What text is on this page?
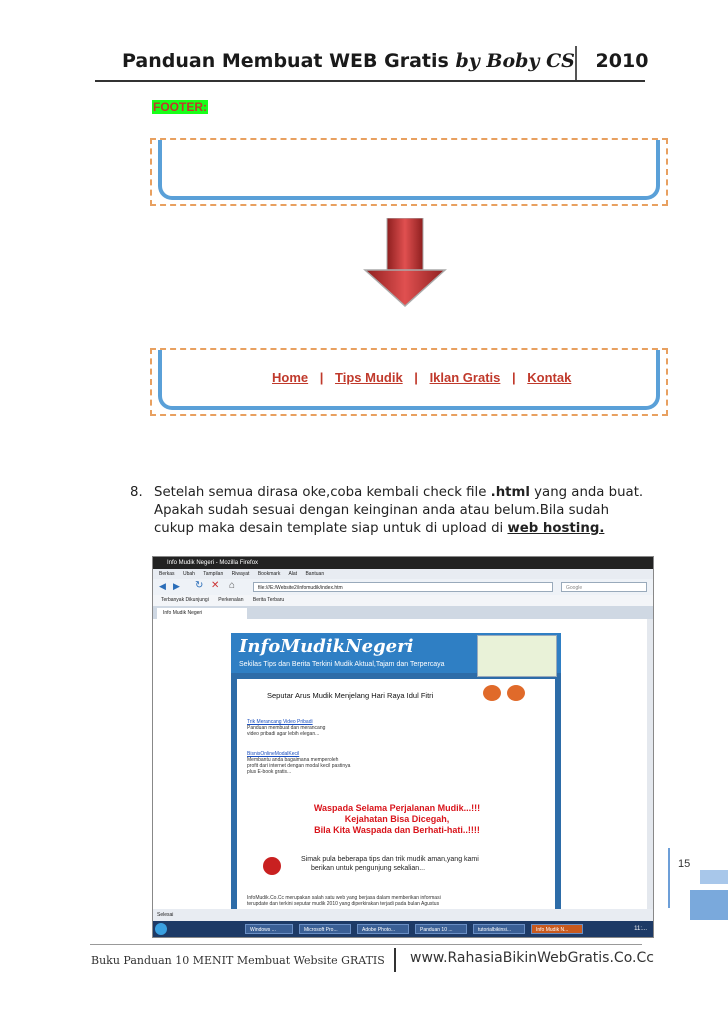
Panduan Membuat WEB Gratis by Boby CS 2010
FOOTER:
Home | Tips Mudik | Iklan Gratis | Kontak
8. Setelah semua dirasa oke,coba kembali check file .html yang anda buat. Apakah sudah sesuai dengan keinginan anda atau belum.Bila sudah cukup maka desain template siap untuk di upload di web hosting.
Info Mudik Negeri - Mozilla Firefox
Berkas Ubah Tampilan Riwayat Bookmark Alat Bantuan
◀ ▶ ↻ ✕ ⌂	file:///E:/Website2/infomudik/index.htm	Google
Terbanyak Dikunjungi Perkenalan Berita Terbaru
Info Mudik Negeri
InfoMudikNegeri
Sekilas Tips dan Berita Terkini Mudik Aktual,Tajam dan Terpercaya
Seputar Arus Mudik Menjelang Hari Raya Idul Fitri
Trik Merancang Video Pribadi
Panduan membuat dan merancang
video pribadi agar lebih elegan...
BisnisOnlineModalKecil
Membantu anda bagaimana memperoleh
profit dari internet dengan modal kecil pastinya
plus E-book gratis...
Waspada Selama Perjalanan Mudik...!!!
Kejahatan Bisa Dicegah,
Bila Kita Waspada dan Berhati-hati..!!!!
Simak pula beberapa tips dan trik mudik aman,yang kami
berikan untuk pengunjung sekalian...
InfoMudik.Co.Cc merupakan salah satu web yang berjasa dalam memberikan informasi
terupdate dan terkini seputar mudik 2010 yang diperkirakan terjadi pada bulan Agustus
Selesai
Windows ...	Microsoft Pro...	Adobe Photo...	Panduan 10 ...	tutorialbikinsi...	Info Mudik N...	11:...
15
Buku Panduan 10 MENIT Membuat Website GRATIS www.RahasiaBikinWebGratis.Co.Cc
